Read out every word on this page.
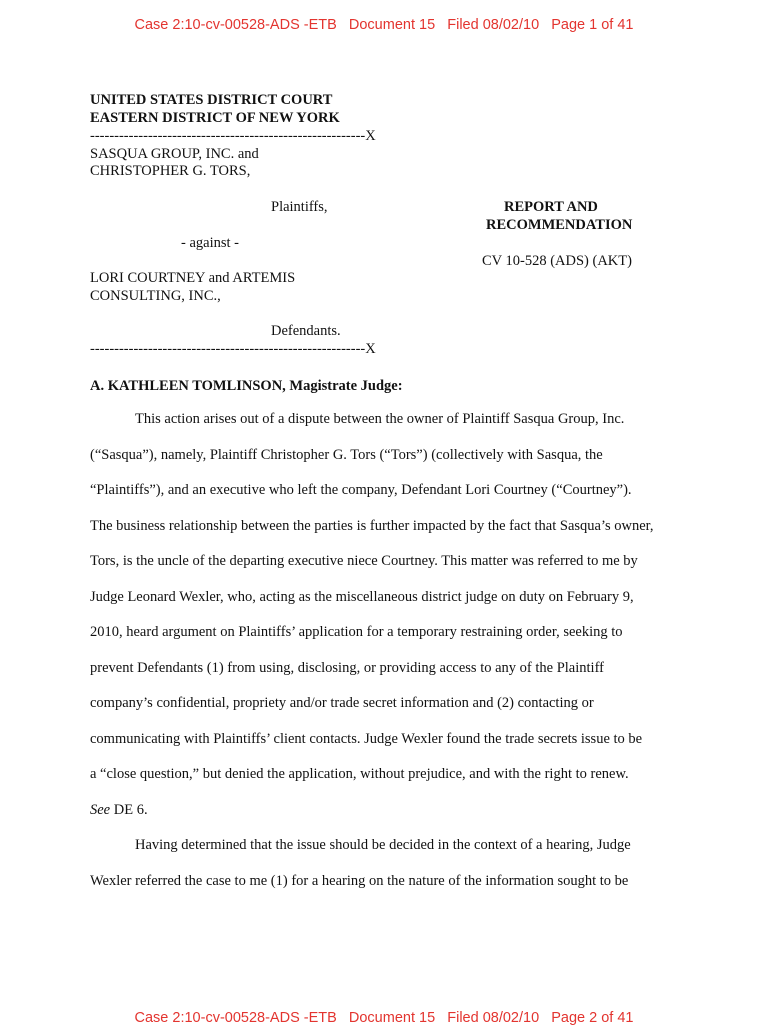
Case 2:10-cv-00528-ADS -ETB Document 15 Filed 08/02/10 Page 1 of 41
UNITED STATES DISTRICT COURT
EASTERN DISTRICT OF NEW YORK
---------------------------------------------------------X
SASQUA GROUP, INC. and
CHRISTOPHER G. TORS,
Plaintiffs,
- against -
LORI COURTNEY and ARTEMIS
CONSULTING, INC.,
Defendants.
---------------------------------------------------------X
REPORT AND
RECOMMENDATION
CV 10-528 (ADS) (AKT)
A. KATHLEEN TOMLINSON, Magistrate Judge:
This action arises out of a dispute between the owner of Plaintiff Sasqua Group, Inc.
(“Sasqua”), namely, Plaintiff Christopher G. Tors (“Tors”) (collectively with Sasqua, the
“Plaintiffs”), and an executive who left the company, Defendant Lori Courtney (“Courtney”).
The business relationship between the parties is further impacted by the fact that Sasqua’s owner,
Tors, is the uncle of the departing executive niece Courtney. This matter was referred to me by
Judge Leonard Wexler, who, acting as the miscellaneous district judge on duty on February 9,
2010, heard argument on Plaintiffs’ application for a temporary restraining order, seeking to
prevent Defendants (1) from using, disclosing, or providing access to any of the Plaintiff
company’s confidential, propriety and/or trade secret information and (2) contacting or
communicating with Plaintiffs’ client contacts. Judge Wexler found the trade secrets issue to be
a “close question,” but denied the application, without prejudice, and with the right to renew.
See DE 6.
Having determined that the issue should be decided in the context of a hearing, Judge
Wexler referred the case to me (1) for a hearing on the nature of the information sought to be
Case 2:10-cv-00528-ADS -ETB Document 15 Filed 08/02/10 Page 2 of 41
